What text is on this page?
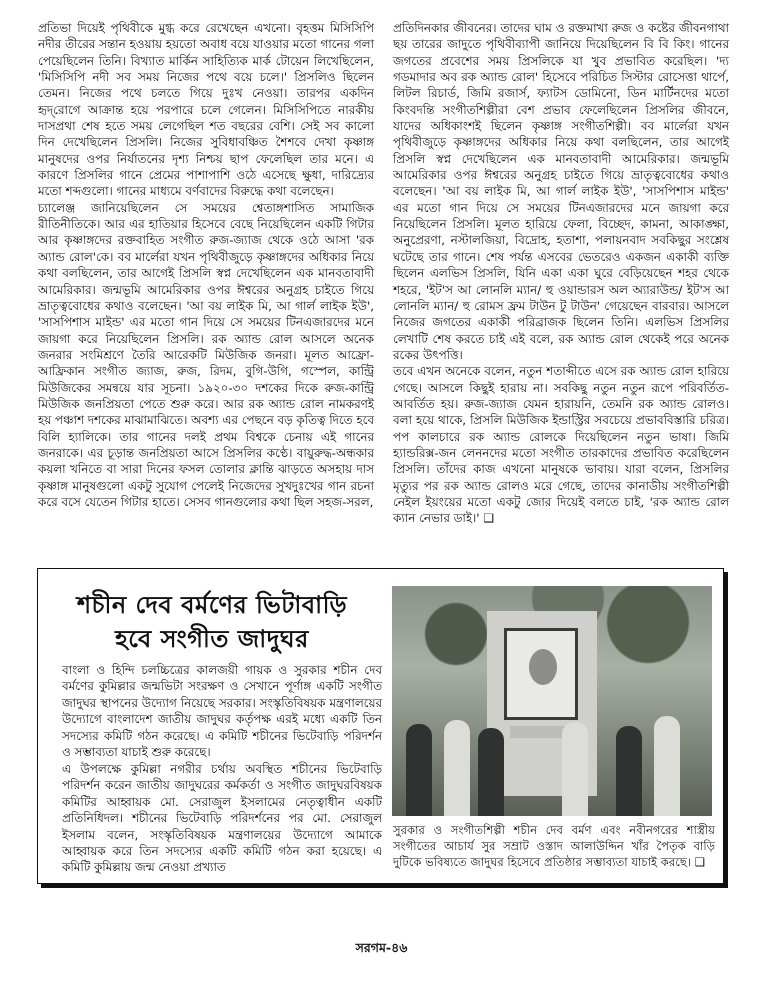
প্রতিভা দিয়েই পৃথিবীকে মুগ্ধ করে রেখেছেন এখনো। বৃহত্তম মিসিসিপি নদীর তীরের সন্তান হওয়ায় হয়তো অবাধ বয়ে যাওয়ার মতো গানের গলা পেয়েছিলেন তিনি। বিখ্যাত মার্কিন সাহিত্যিক মার্ক টোয়েন লিখেছিলেন, 'মিসিসিপি নদী সব সময় নিজের পথে বয়ে চলে।' প্রিসলিও ছিলেন তেমন। নিজের পথে চলতে গিয়ে দুঃখ নেওয়া। তারপর একদিন হৃদ্‌রোগে আক্রান্ত হয়ে পরপারে চলে গেলেন। মিসিসিপিতে নারকীয় দাসপ্রথা শেষ হতে সময় লেগেছিল শত বছরের বেশি। সেই সব কালো দিন দেখেছিলেন প্রিসলি। নিজের সুবিধাবঞ্চিত শৈশবে দেখা কৃষ্ণাঙ্গ মানুষদের ওপর নির্যাতনের দৃশ্য নিশ্চয় ছাপ ফেলেছিল তার মনে। এ কারণে প্রিসলির গানে প্রেমের পাশাপাশি ওঠে এসেছে ক্ষুধা, দারিদ্র্যের মতো শব্দগুলো। গানের মাধ্যমে বর্ণবাদের বিরুদ্ধে কথা বলেছেন।

চ্যালেঞ্জ জানিয়েছিলেন সে সময়ের শ্বেতাঙ্গশাসিত সামাজিক রীতিনীতিকে। আর এর হাতিয়ার হিসেবে বেছে নিয়েছিলেন একটি গিটার আর কৃষ্ণাঙ্গদের রক্তবাহিত সংগীত রুজ-জ্যাজ থেকে ওঠে আসা 'রক অ্যান্ড রোল'কে। বব মার্লেরা যখন পৃথিবীজুড়ে কৃষ্ণাঙ্গদের অধিকার নিয়ে কথা বলছিলেন, তার আগেই প্রিসলি স্বপ্ন দেখেছিলেন এক মানবতাবাদী আমেরিকার। জন্মভূমি আমেরিকার ওপর ঈশ্বরের অনুগ্রহ চাইতে গিয়ে ভ্রাতৃত্ববোধের কথাও বলেছেন। 'আ বয় লাইক মি, আ গার্ল লাইক ইউ', 'সাসপিশাস মাইন্ড' এর মতো গান দিয়ে সে সময়ের টিনএজারদের মনে জায়গা করে নিয়েছিলেন প্রিসলি। রক অ্যান্ড রোল আসলে অনেক জনরার সংমিশ্রণে তৈরি আরেকটি মিউজিক জনরা। মূলত আফ্রো-আফ্রিকান সংগীত জ্যাজ, রুজ, রিদম, বুগি-উগি, গস্পেল, কান্ট্রি মিউজিকের সমন্বয়ে যার সূচনা। ১৯২০-৩০ দশকের দিকে রুজ-কান্ট্রি মিউজিক জনপ্রিয়তা পেতে শুরু করে। আর রক অ্যান্ড রোল নামকরণই হয় পঞ্চাশ দশকের মাঝামাঝিতে। অবশ্য এর পেছনে বড় কৃতিত্ব দিতে হবে বিলি হ্যালিকে। তার গানের দলই প্রথম বিশ্বকে চেনায় এই গানের জনরাকে। এর চূড়ান্ত জনপ্রিয়তা আসে প্রিসলির কণ্ঠে। বায়ুরুদ্ধ-অন্ধকার কয়লা খনিতে বা সারা দিনের ফসল তোলার ক্লান্তি ঝাড়তে অসহায় দাস কৃষ্ণাঙ্গ মানুষগুলো একটু সুযোগ পেলেই নিজেদের সুখদুঃখের গান রচনা করে বসে যেতেন গিটার হাতে। সেসব গানগুলোর কথা ছিল সহজ-সরল,

প্রতিদিনকার জীবনের। তাদের ঘাম ও রক্তমাখা রুজ ও কষ্টের জীবনগাথা ছয় তারের জাদুতে পৃথিবীব্যাপী জানিয়ে দিয়েছিলেন বি বি কিং। গানের জগতের প্রবেশের সময় প্রিসলিকে যা খুব প্রভাবিত করেছিল। 'দ্য গডমাদার অব রক অ্যান্ড রোল' হিসেবে পরিচিত সিস্টার রোসেত্তা থার্পে, লিটল রিচার্ড, জিমি রজার্স, ফ্যাটস ডোমিনো, ডিন মার্টিনদের মতো কিংবদন্তি সংগীতশিল্পীরা বেশ প্রভাব ফেলেছিলেন প্রিসলির জীবনে, যাদের অধিকাংশই ছিলেন কৃষ্ণাঙ্গ সংগীতশিল্পী। বব মার্লেরা যখন পৃথিবীজুড়ে কৃষ্ণাঙ্গদের অধিকার নিয়ে কথা বলছিলেন, তার আগেই প্রিসলি স্বপ্ন দেখেছিলেন এক মানবতাবাদী আমেরিকার। জন্মভূমি আমেরিকার ওপর ঈশ্বরের অনুগ্রহ চাইতে গিয়ে ভ্রাতৃত্ববোধের কথাও বলেছেন। 'আ বয় লাইক মি, আ গার্ল লাইক ইউ', 'সাসপিশাস মাইন্ড' এর মতো গান দিয়ে সে সময়ের টিনএজারদের মনে জায়গা করে নিয়েছিলেন প্রিসলি। মূলত হারিয়ে ফেলা, বিচ্ছেদ, কামনা, আকাঙ্ক্ষা, অনুপ্রেরণা, নস্টালজিয়া, বিদ্রোহ, হতাশা, পলায়নবাদ সবকিছুর সংশ্লেষ ঘটেছে তার গানে। শেষ পর্যন্ত এসবের ভেতরেও একজন একাকী ব্যক্তি ছিলেন এলভিস প্রিসলি, যিনি একা একা ঘুরে বেড়িয়েছেন শহর থেকে শহরে, 'ইট'স আ লোনলি ম্যান/ হু ওয়ান্ডারস অল অ্যারাউন্ড/ ইট'স আ লোনলি ম্যান/ হু রোমস ফ্রম টাউন টু টাউন' গেয়েছেন বারবার। আসলে নিজের জগতের একাকী পরিব্রাজক ছিলেন তিনি। এলভিস প্রিসলির লেখাটি শেষ করতে চাই এই বলে, রক অ্যান্ড রোল থেকেই পরে অনেক রকের উৎপত্তি।

তবে এখন অনেকে বলেন, নতুন শতাব্দীতে এসে রক অ্যান্ড রোল হারিয়ে গেছে। আসলে কিছুই হারায় না। সবকিছু নতুন নতুন রূপে পরিবর্তিত-আবর্তিত হয়। রুজ-জ্যাজ যেমন হারায়নি, তেমনি রক অ্যান্ড রোলও। বলা হয়ে থাকে, প্রিসলি মিউজিক ইন্ডাস্ট্রির সবচেয়ে প্রভাববিস্তারি চরিত্র। পপ কালচারে রক অ্যান্ড রোলকে দিয়েছিলেন নতুন ভাষা। জিমি হ্যান্ডরিক্স-জন লেননদের মতো সংগীত তারকাদের প্রভাবিত করেছিলেন প্রিসলি। তাঁদের কাজ এখনো মানুষকে ভাবায়। যারা বলেন, প্রিসলির মৃত্যুর পর রক অ্যান্ড রোলও মরে গেছে, তাদের কানাডীয় সংগীতশিল্পী নেইল ইয়ংয়ের মতো একটু জোর দিয়েই বলতে চাই, 'রক অ্যান্ড রোল ক্যান নেভার ডাই।' ❑

শচীন দেব বর্মণের ভিটাবাড়ি
হবে সংগীত জাদুঘর

বাংলা ও হিন্দি চলচ্চিত্রের কালজয়ী গায়ক ও সুরকার শচীন দেব বর্মণের কুমিল্লার জন্মভিটা সংরক্ষণ ও সেখানে পূর্ণাঙ্গ একটি সংগীত জাদুঘর স্থাপনের উদ্যোগ নিয়েছে সরকার। সংস্কৃতিবিষয়ক মন্ত্রণালয়ের উদ্যোগে বাংলাদেশ জাতীয় জাদুঘর কর্তৃপক্ষ এরই মধ্যে একটি তিন সদস্যের কমিটি গঠন করেছে। এ কমিটি শচীনের ভিটেবাড়ি পরিদর্শন ও সম্ভাব্যতা যাচাই শুরু করেছে।

এ উপলক্ষে কুমিল্লা নগরীর চর্থায় অবস্থিত শচীনের ভিটেবাড়ি পরিদর্শন করেন জাতীয় জাদুঘরের কর্মকর্তা ও সংগীত জাদুঘরবিষয়ক কমিটির আহ্বায়ক মো. সেরাজুল ইসলামের নেতৃত্বাধীন একটি প্রতিনিধিদল। শচীনের ভিটেবাড়ি পরিদর্শনের পর মো. সেরাজুল ইসলাম বলেন, সংস্কৃতিবিষয়ক মন্ত্রণালয়ের উদ্যোগে আমাকে আহ্বায়ক করে তিন সদস্যের একটি কমিটি গঠন করা হয়েছে। এ কমিটি কুমিল্লায় জন্ম নেওয়া প্রখ্যাত

সুরকার ও সংগীতশিল্পী শচীন দেব বর্মণ এবং নবীনগরের শাস্ত্রীয় সংগীতের আচার্য সুর সম্রাট ওস্তাদ আলাউদ্দিন খাঁর পৈতৃক বাড়ি দুটিকে ভবিষ্যতে জাদুঘর হিসেবে প্রতিষ্ঠার সম্ভাব্যতা যাচাই করছে। ❑

সরগম-৪৬
